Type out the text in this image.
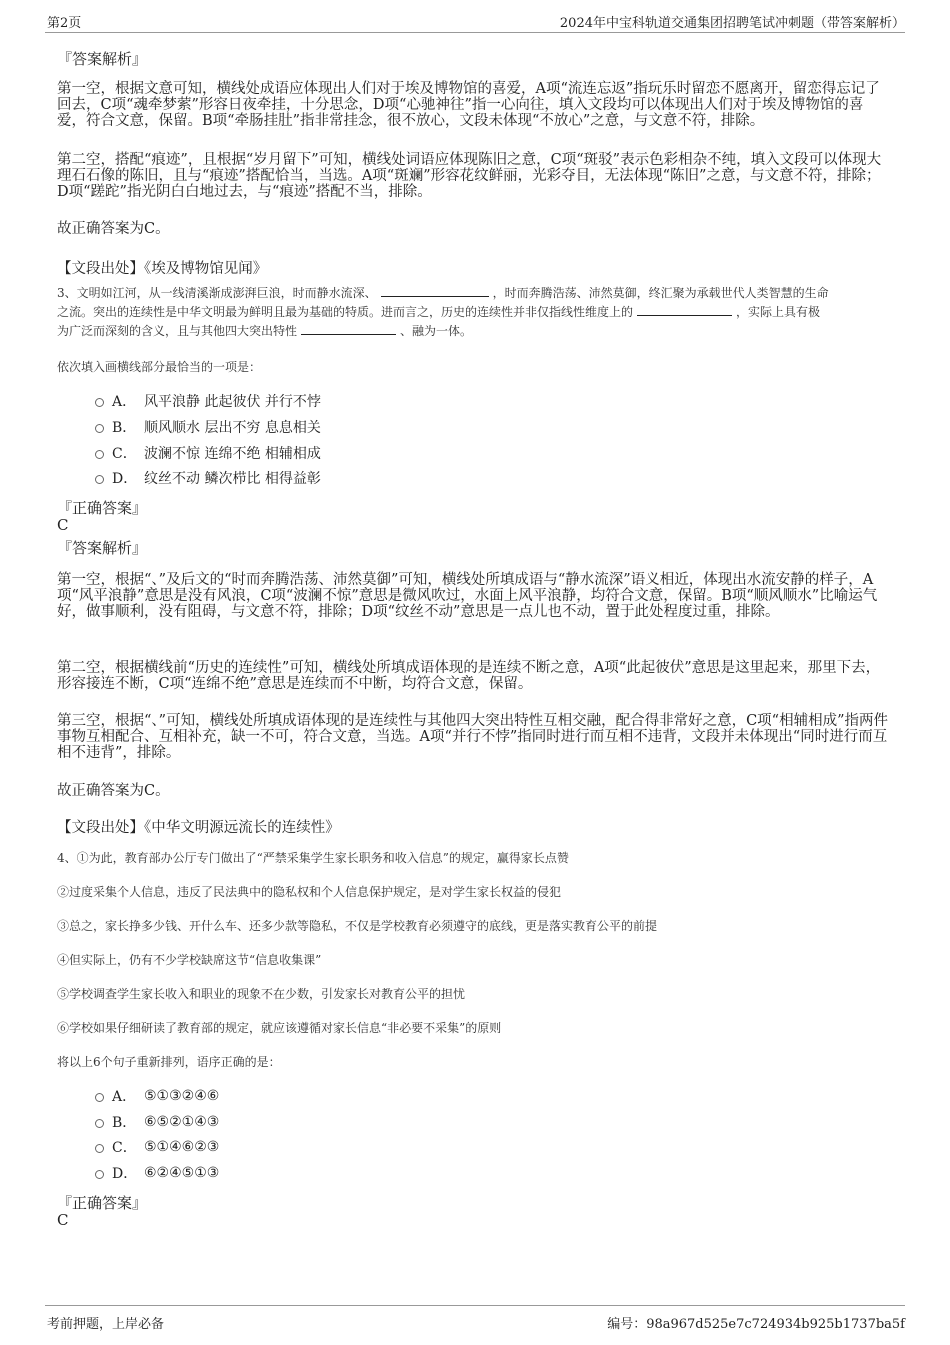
第2页	2024年中宝科轨道交通集团招聘笔试冲刺题（带答案解析）
『答案解析』
第一空，根据文意可知，横线处成语应体现出人们对于埃及博物馆的喜爱，A项“流连忘返”指玩乐时留恋不愿离开，留恋得忘记了回去，C项“魂牵梦萦”形容日夜牵挂，十分思念，D项“心驰神往”指一心向往，填入文段均可以体现出人们对于埃及博物馆的喜爱，符合文意，保留。B项“牵肠挂肚”指非常挂念，很不放心，文段未体现“不放心”之意，与文意不符，排除。
第二空，搭配“痕迹”，且根据“岁月留下”可知，横线处词语应体现陈旧之意，C项“斑驳”表示色彩相杂不纯，填入文段可以体现大理石石像的陈旧，且与“痕迹”搭配恰当，当选。A项“斑斓”形容花纹鲜丽，光彩夺目，无法体现“陈旧”之意，与文意不符，排除；D项“蹉跎”指光阴白白地过去，与“痕迹”搭配不当，排除。
故正确答案为C。
【文段出处】《埃及博物馆见闻》
3、文明如江河，从一线清溪渐成澎湃巨浪，时而静水流深、	，时而奔腾浩荡、沛然莫御，终汇聚为承载世代人类智慧的生命
之流。突出的连续性是中华文明最为鲜明且最为基础的特质。进而言之，历史的连续性并非仅指线性维度上的	，实际上具有极
为广泛而深刻的含义，且与其他四大突出特性	、融为一体。
依次填入画横线部分最恰当的一项是：
A． 风平浪静 此起彼伏 并行不悖
B． 顺风顺水 层出不穷 息息相关
C． 波澜不惊 连绵不绝 相辅相成
D． 纹丝不动 鳞次栉比 相得益彰
『正确答案』
C
『答案解析』
第一空，根据“、”及后文的“时而奔腾浩荡、沛然莫御”可知，横线处所填成语与“静水流深”语义相近，体现出水流安静的样子，A项“风平浪静”意思是没有风浪，C项“波澜不惊”意思是微风吹过，水面上风平浪静，均符合文意，保留。B项“顺风顺水”比喻运气好，做事顺利，没有阻碍，与文意不符，排除；D项“纹丝不动”意思是一点儿也不动，置于此处程度过重，排除。
第二空，根据横线前“历史的连续性”可知，横线处所填成语体现的是连续不断之意，A项“此起彼伏”意思是这里起来，那里下去，形容接连不断，C项“连绵不绝”意思是连续而不中断，均符合文意，保留。
第三空，根据“、”可知，横线处所填成语体现的是连续性与其他四大突出特性互相交融，配合得非常好之意，C项“相辅相成”指两件事物互相配合、互相补充，缺一不可，符合文意，当选。A项“并行不悖”指同时进行而互相不违背，文段并未体现出“同时进行而互相不违背”，排除。
故正确答案为C。
【文段出处】《中华文明源远流长的连续性》
4、①为此，教育部办公厅专门做出了“严禁采集学生家长职务和收入信息”的规定，赢得家长点赞
②过度采集个人信息，违反了民法典中的隐私权和个人信息保护规定，是对学生家长权益的侵犯
③总之，家长挣多少钱、开什么车、还多少款等隐私，不仅是学校教育必须遵守的底线，更是落实教育公平的前提
④但实际上，仍有不少学校缺席这节“信息收集课”
⑤学校调查学生家长收入和职业的现象不在少数，引发家长对教育公平的担忧
⑥学校如果仔细研读了教育部的规定，就应该遵循对家长信息“非必要不采集”的原则
将以上6个句子重新排列，语序正确的是：
A． ⑤①③②④⑥
B． ⑥⑤②①④③
C． ⑤①④⑥②③
D． ⑥②④⑤①③
『正确答案』
C
考前押题，上岸必备	编号：98a967d525e7c724934b925b1737ba5f
